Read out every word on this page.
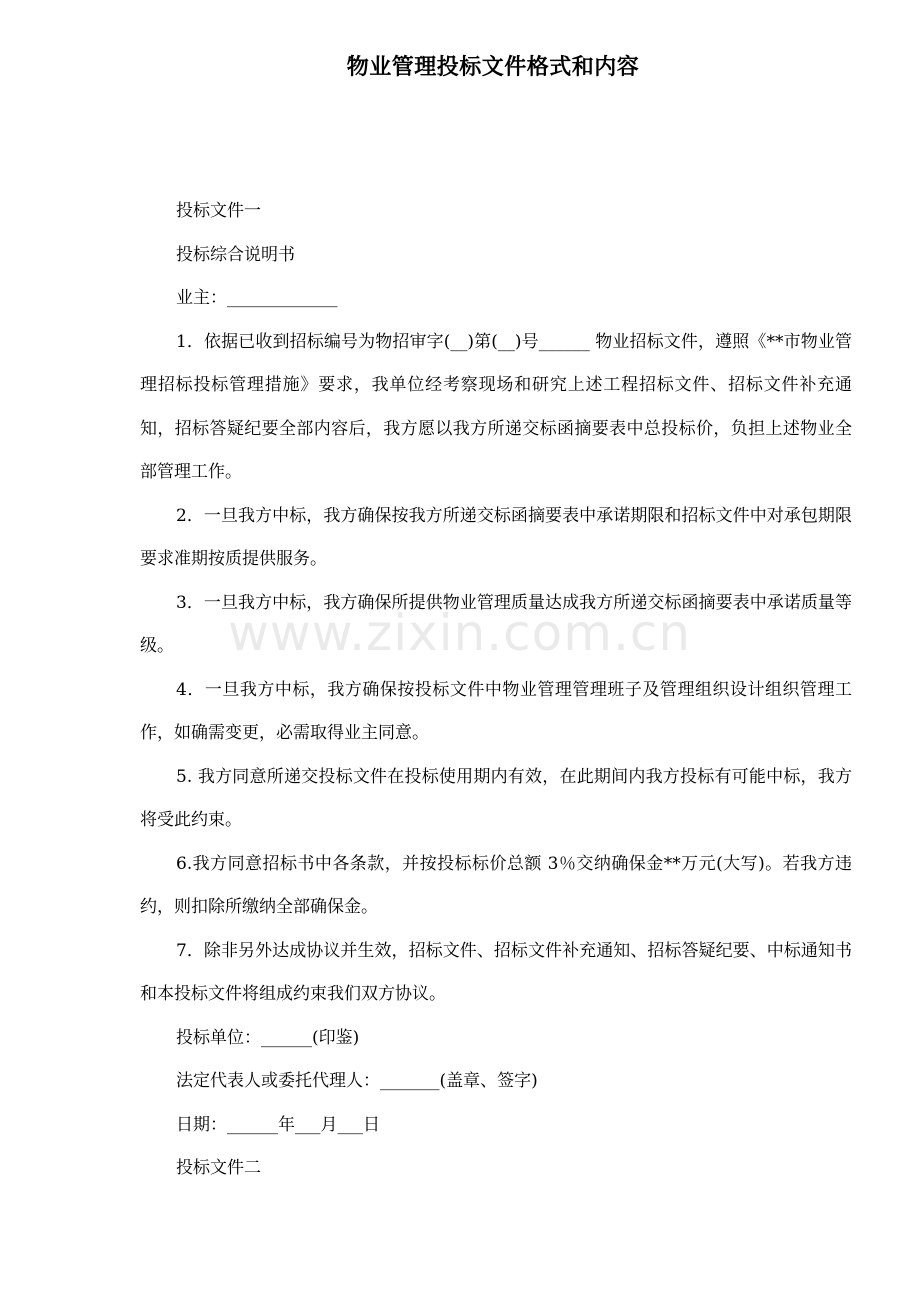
物业管理投标文件格式和内容

投标文件一

投标综合说明书

业主：_____________

1．依据已收到招标编号为物招审字(__)第(__)号______ 物业招标文件，遵照《**市物业管理招标投标管理措施》要求，我单位经考察现场和研究上述工程招标文件、招标文件补充通知，招标答疑纪要全部内容后，我方愿以我方所递交标函摘要表中总投标价，负担上述物业全部管理工作。

2．一旦我方中标，我方确保按我方所递交标函摘要表中承诺期限和招标文件中对承包期限要求准期按质提供服务。

3．一旦我方中标，我方确保所提供物业管理质量达成我方所递交标函摘要表中承诺质量等级。

4．一旦我方中标，我方确保按投标文件中物业管理管理班子及管理组织设计组织管理工作，如确需变更，必需取得业主同意。

5. 我方同意所递交投标文件在投标使用期内有效，在此期间内我方投标有可能中标，我方将受此约束。

6.我方同意招标书中各条款，并按投标标价总额 3％交纳确保金**万元(大写)。若我方违约，则扣除所缴纳全部确保金。

7．除非另外达成协议并生效，招标文件、招标文件补充通知、招标答疑纪要、中标通知书和本投标文件将组成约束我们双方协议。

投标单位：______(印鉴)

法定代表人或委托代理人：_______(盖章、签字)

日期：______年___月___日

投标文件二

www.zixin.com.cn
